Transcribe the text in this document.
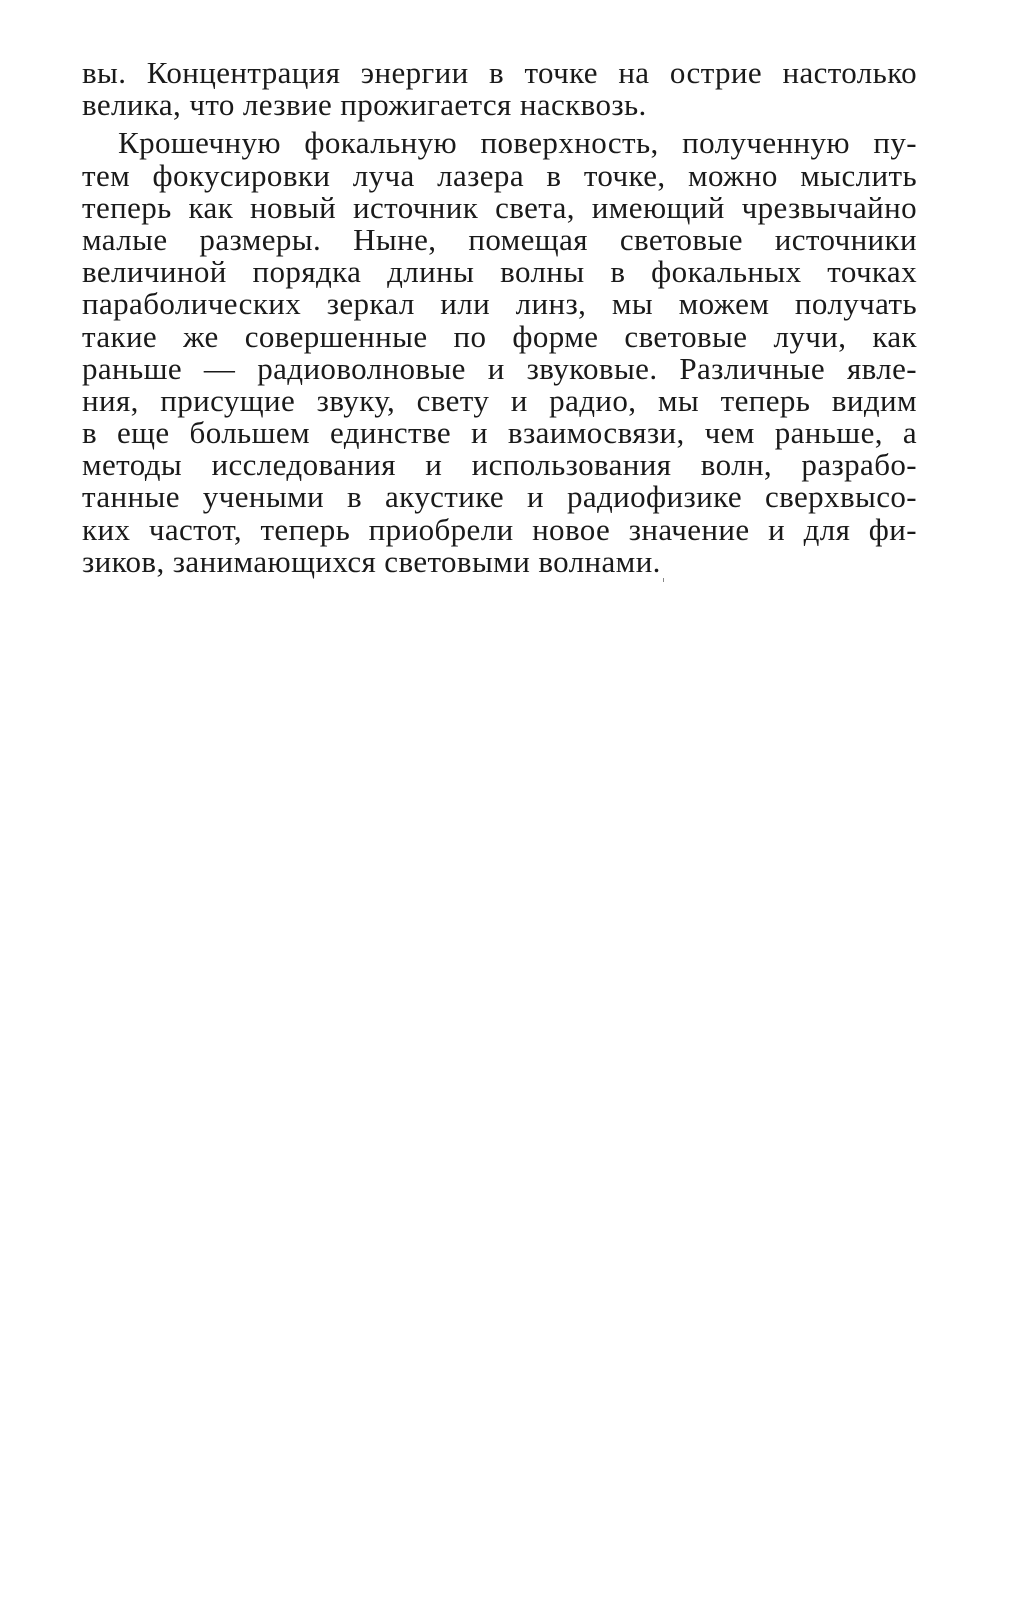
вы. Концентрация энергии в точке на острие настолько
велика, что лезвие прожигается насквозь.
Крошечную фокальную поверхность, полученную пу-
тем фокусировки луча лазера в точке, можно мыслить
теперь как новый источник света, имеющий чрезвычайно
малые размеры. Ныне, помещая световые источники
величиной порядка длины волны в фокальных точках
параболических зеркал или линз, мы можем получать
такие же совершенные по форме световые лучи, как
раньше — радиоволновые и звуковые. Различные явле-
ния, присущие звуку, свету и радио, мы теперь видим
в еще большем единстве и взаимосвязи, чем раньше, а
методы исследования и использования волн, разрабо-
танные учеными в акустике и радиофизике сверхвысо-
ких частот, теперь приобрели новое значение и для фи-
зиков, занимающихся световыми волнами.
